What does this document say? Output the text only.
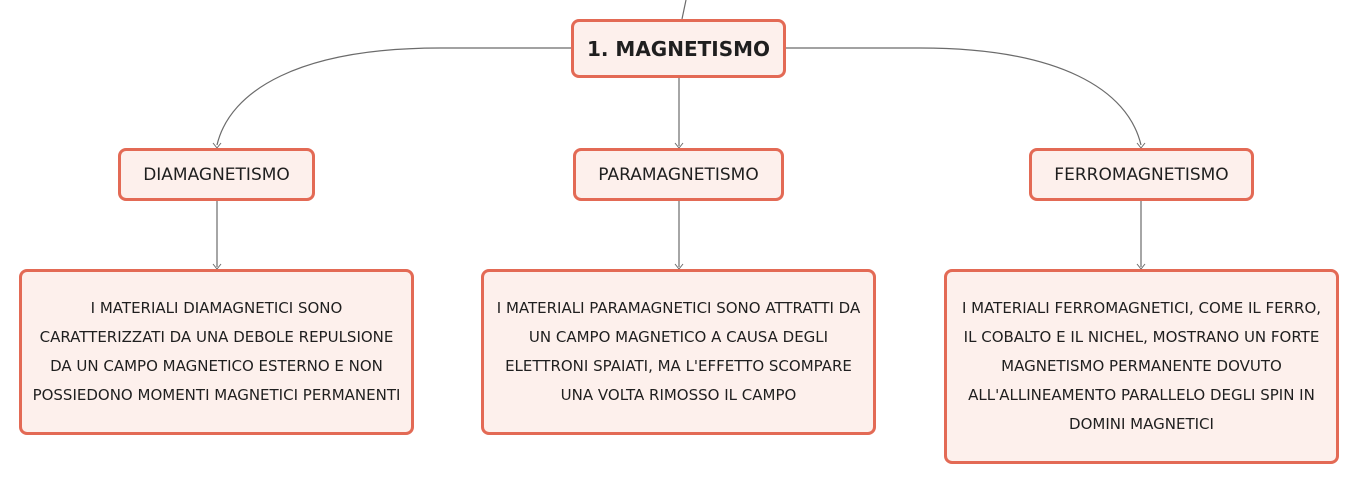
1. MAGNETISMO
DIAMAGNETISMO	PARAMAGNETISMO	FERROMAGNETISMO
I MATERIALI DIAMAGNETICI SONO CARATTERIZZATI DA UNA DEBOLE REPULSIONE DA UN CAMPO MAGNETICO ESTERNO E NON POSSIEDONO MOMENTI MAGNETICI PERMANENTI
I MATERIALI PARAMAGNETICI SONO ATTRATTI DA UN CAMPO MAGNETICO A CAUSA DEGLI ELETTRONI SPAIATI, MA L'EFFETTO SCOMPARE UNA VOLTA RIMOSSO IL CAMPO
I MATERIALI FERROMAGNETICI, COME IL FERRO, IL COBALTO E IL NICHEL, MOSTRANO UN FORTE MAGNETISMO PERMANENTE DOVUTO ALL'ALLINEAMENTO PARALLELO DEGLI SPIN IN DOMINI MAGNETICI
